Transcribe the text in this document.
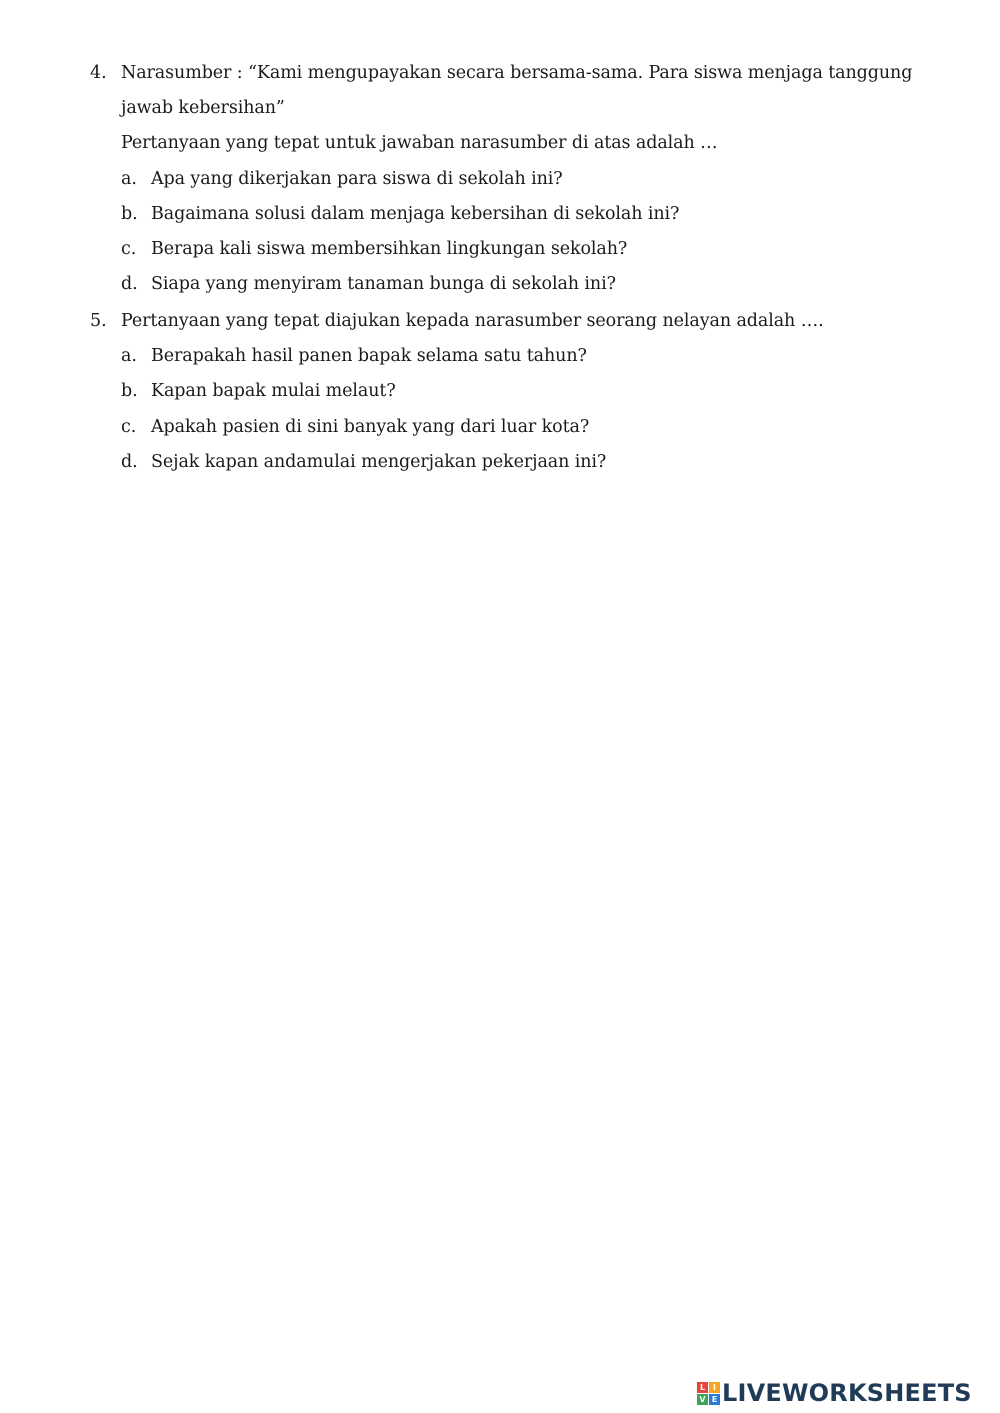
4. Narasumber : “Kami mengupayakan secara bersama-sama. Para siswa menjaga tanggung
jawab kebersihan”
Pertanyaan yang tepat untuk jawaban narasumber di atas adalah …
a. Apa yang dikerjakan para siswa di sekolah ini?
b. Bagaimana solusi dalam menjaga kebersihan di sekolah ini?
c. Berapa kali siswa membersihkan lingkungan sekolah?
d. Siapa yang menyiram tanaman bunga di sekolah ini?
5. Pertanyaan yang tepat diajukan kepada narasumber seorang nelayan adalah ….
a. Berapakah hasil panen bapak selama satu tahun?
b. Kapan bapak mulai melaut?
c. Apakah pasien di sini banyak yang dari luar kota?
d. Sejak kapan andamulai mengerjakan pekerjaan ini?
L I
V E LIVEWORKSHEETS
